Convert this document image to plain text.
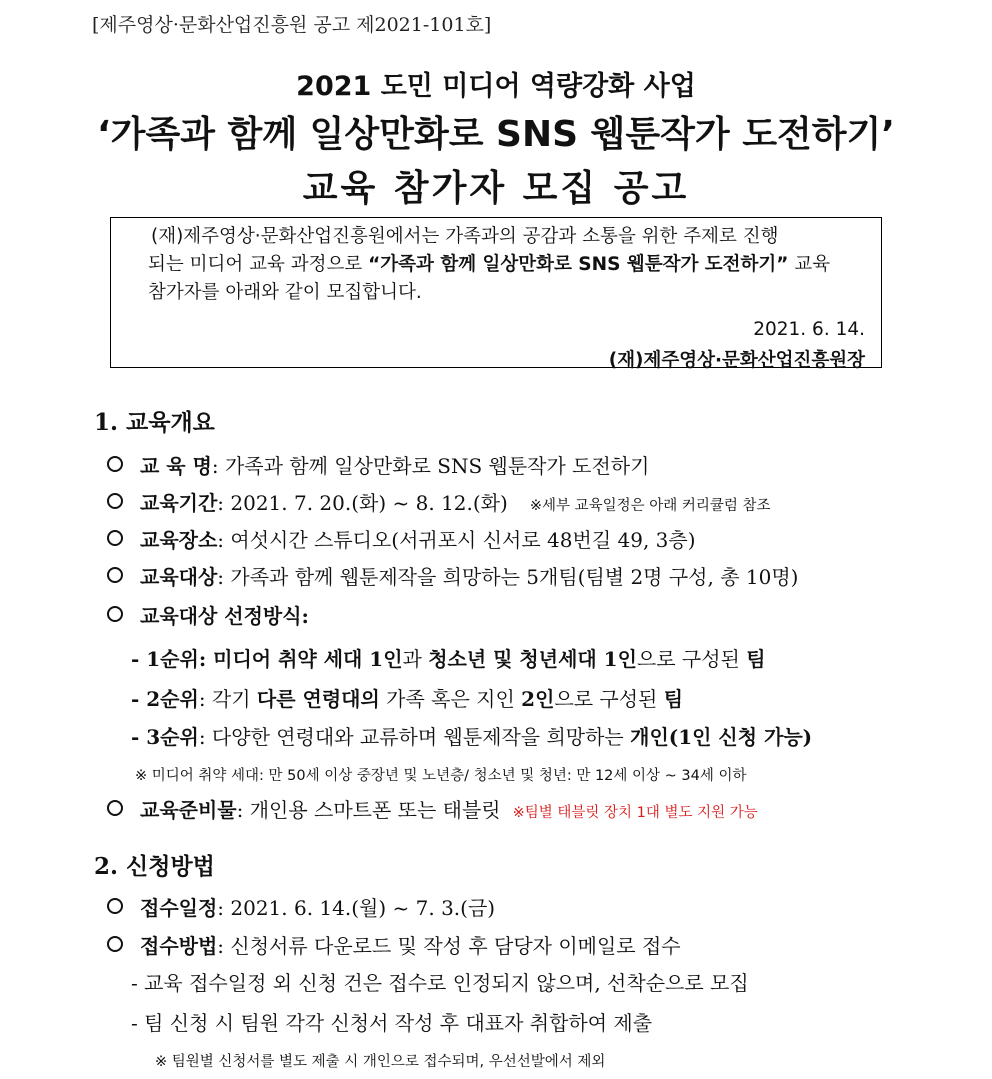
[제주영상·문화산업진흥원 공고 제2021-101호]
2021 도민 미디어 역량강화 사업
‘가족과 함께 일상만화로 SNS 웹툰작가 도전하기’
교육 참가자 모집 공고
(재)제주영상·문화산업진흥원에서는 가족과의 공감과 소통을 위한 주제로 진행
되는 미디어 교육 과정으로 “가족과 함께 일상만화로 SNS 웹툰작가 도전하기” 교육
참가자를 아래와 같이 모집합니다.
2021. 6. 14.
(재)제주영상·문화산업진흥원장
1. 교육개요
교 육 명: 가족과 함께 일상만화로 SNS 웹툰작가 도전하기
교육기간: 2021. 7. 20.(화) ~ 8. 12.(화) ※세부 교육일정은 아래 커리큘럼 참조
교육장소: 여섯시간 스튜디오(서귀포시 신서로 48번길 49, 3층)
교육대상: 가족과 함께 웹툰제작을 희망하는 5개팀(팀별 2명 구성, 총 10명)
교육대상 선정방식:
- 1순위: 미디어 취약 세대 1인과 청소년 및 청년세대 1인으로 구성된 팀
- 2순위: 각기 다른 연령대의 가족 혹은 지인 2인으로 구성된 팀
- 3순위: 다양한 연령대와 교류하며 웹툰제작을 희망하는 개인(1인 신청 가능)
※ 미디어 취약 세대: 만 50세 이상 중장년 및 노년층/ 청소년 및 청년: 만 12세 이상 ~ 34세 이하
교육준비물: 개인용 스마트폰 또는 태블릿 ※팀별 태블릿 장치 1대 별도 지원 가능
2. 신청방법
접수일정: 2021. 6. 14.(월) ~ 7. 3.(금)
접수방법: 신청서류 다운로드 및 작성 후 담당자 이메일로 접수
- 교육 접수일정 외 신청 건은 접수로 인정되지 않으며, 선착순으로 모집
- 팀 신청 시 팀원 각각 신청서 작성 후 대표자 취합하여 제출
※ 팀원별 신청서를 별도 제출 시 개인으로 접수되며, 우선선발에서 제외
